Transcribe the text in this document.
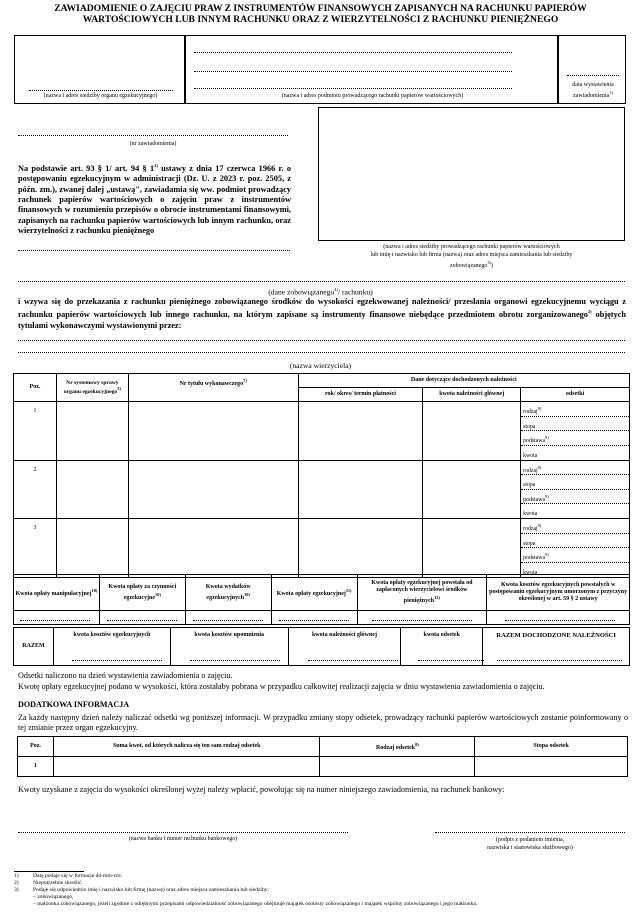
ZAWIADOMIENIE O ZAJĘCIU PRAW Z INSTRUMENTÓW FINANSOWYCH ZAPISANYCH NA RACHUNKU PAPIERÓW
WARTOŚCIOWYCH LUB INNYM RACHUNKU ORAZ Z WIERZYTELNOŚCI Z RACHUNKU PIENIĘŻNEGO
(nazwa i adres siedziby organu egzekucyjnego)	(nazwa i adres podmiotu prowadzącego rachunki papierów wartościowych)
data wystawienia
zawiadomienia$^{1)}$
(nr zawiadomienia)
Na podstawie art. 93 § 1/ art. 94 § 1$^{2)}$ ustawy z dnia 17 czerwca 1966 r. o postępowaniu egzekucyjnym w administracji (Dz. U. z 2023 r. poz. 2505, z późn. zm.), zwanej dalej „ustawą", zawiadamia się ww. podmiot prowadzący rachunek papierów wartościowych o zajęciu praw z instrumentów finansowych w rozumieniu przepisów o obrocie instrumentami finansowymi, zapisanych na rachunku papierów wartościowych lub innym rachunku, oraz wierzytelności z rachunku pieniężnego
(nazwa i adres siedziby prowadzącego rachunki papierów wartościowych
lub imię i nazwisko lub firma (nazwa) oraz adres miejsca zamieszkania lub siedziby
zobowiązanego$^{3)}$)
(dane zobowiązanego$^{4)}$/ rachunku)
i wzywa się do przekazania z rachunku pieniężnego zobowiązanego środków do wysokości egzekwowanej należności/ przesłania organowi egzekucyjnemu wyciągu z rachunku papierów wartościowych lub innego rachunku, na którym zapisane są instrumenty finansowe niebędące przedmiotem obrotu zorganizowanego$^{2)}$ objętych tytułami wykonawczymi wystawionymi przez:
(nazwa wierzyciela)
Poz.	Nr systemowy sprawy organu egzekucyjnego$^{5)}$	Nr tytułu wykonawczego$^{7)}$	Dane dotyczące dochodzonych należności
rok/ okres/ termin płatności	kwota należności głównej	odsetki
1						rodzaj$^{8)}$
stopa
podstawa$^{9)}$
kwota

2						rodzaj$^{8)}$
stopa
podstawa$^{9)}$
kwota

3						rodzaj$^{8)}$
stopa
podstawa$^{9)}$
kwota
Kwota opłaty manipulacyjnej$^{10)}$	Kwota opłaty za czynności egzekucyjne$^{10)}$	Kwota wydatków egzekucyjnych$^{10)}$	Kwota opłaty egzekucyjnej$^{11)}$	Kwota opłaty egzekucyjnej powstała od zapłaconych wierzycielowi środków pieniężnych$^{12)}$	Kwota kosztów egzekucyjnych powstałych w postępowaniu egzekucyjnym umorzonym z przyczyny określonej w art. 59 § 2 ustawy

RAZEM	kwota kosztów egzekucyjnych	kwota kosztów upomnienia	kwota należności głównej	kwota odsetek	RAZEM DOCHODZONE NALEŻNOŚCI
Odsetki naliczono na dzień wystawienia zawiadomienia o zajęciu.
Kwotę opłaty egzekucyjnej podano w wysokości, która zostałaby pobrana w przypadku całkowitej realizacji zajęcia w dniu wystawienia zawiadomienia o zajęciu.
DODATKOWA INFORMACJA
Za każdy następny dzień należy naliczać odsetki wg poniższej informacji. W przypadku zmiany stopy odsetek, prowadzący rachunki papierów wartościowych zostanie poinformowany o tej zmianie przez organ egzekucyjny.
Poz.	Suma kwot, od których nalicza się ten sam rodzaj odsetek	Rodzaj odsetek$^{8)}$	Stopa odsetek
1			
Kwoty uzyskane z zajęcia do wysokości określonej wyżej należy wpłacić, powołując się na numer niniejszego zawiadomienia, na rachunek bankowy:
(nazwa banku i numer rachunku bankowego)	(podpis z podaniem imienia,
nazwiska i stanowiska służbowego)
1)	Datę podaje się w formacie dd-mm-rrrr.
2)	Niepotrzebne skreślić.
3)	Podaje się odpowiednio imię i nazwisko lub firmę (nazwę) oraz adres miejsca zamieszkania lub siedziby:
– zobowiązanego,
– małżonka zobowiązanego, jeżeli zgodnie z odrębnymi przepisami odpowiedzialność zobowiązanego obejmuje majątek osobisty zobowiązanego i majątek wspólny zobowiązanego i jego małżonka,
